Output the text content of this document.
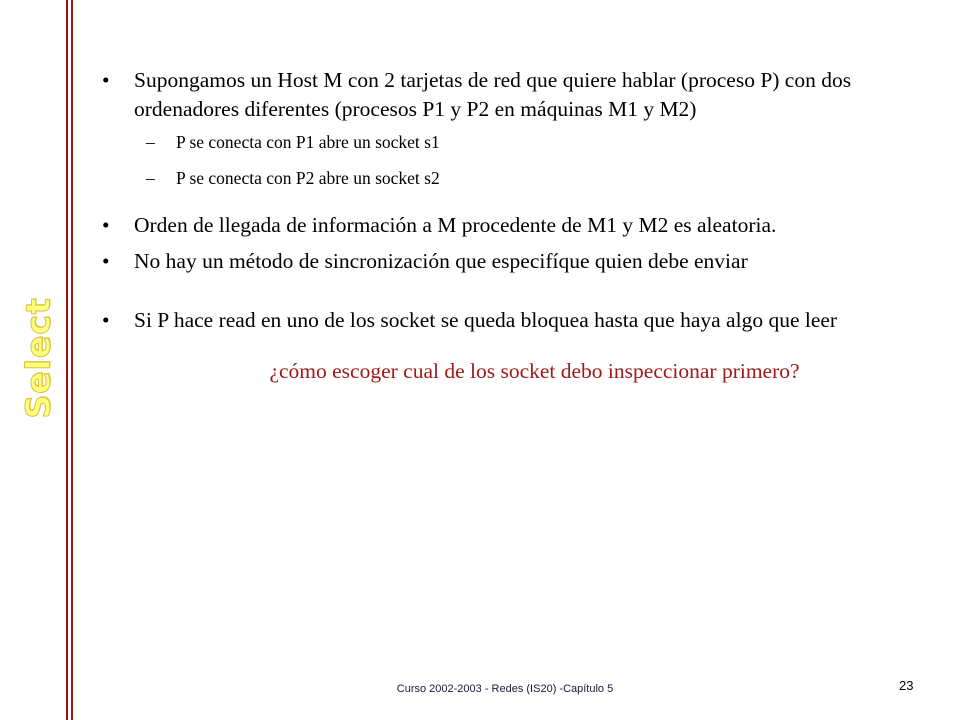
Select
• Supongamos un Host M con 2 tarjetas de red que quiere hablar (proceso P) con dos ordenadores diferentes (procesos P1 y P2 en máquinas M1 y M2)
– P se conecta con P1 abre un socket s1
– P se conecta con P2 abre un socket s2
• Orden de llegada de información a M procedente de M1 y M2 es aleatoria.
• No hay un método de sincronización que especifíque quien debe enviar
• Si P hace read en uno de los socket se queda bloquea hasta que haya algo que leer
¿cómo escoger cual de los socket debo inspeccionar primero?
Curso 2002-2003 - Redes (IS20) -Capítulo 5	23
